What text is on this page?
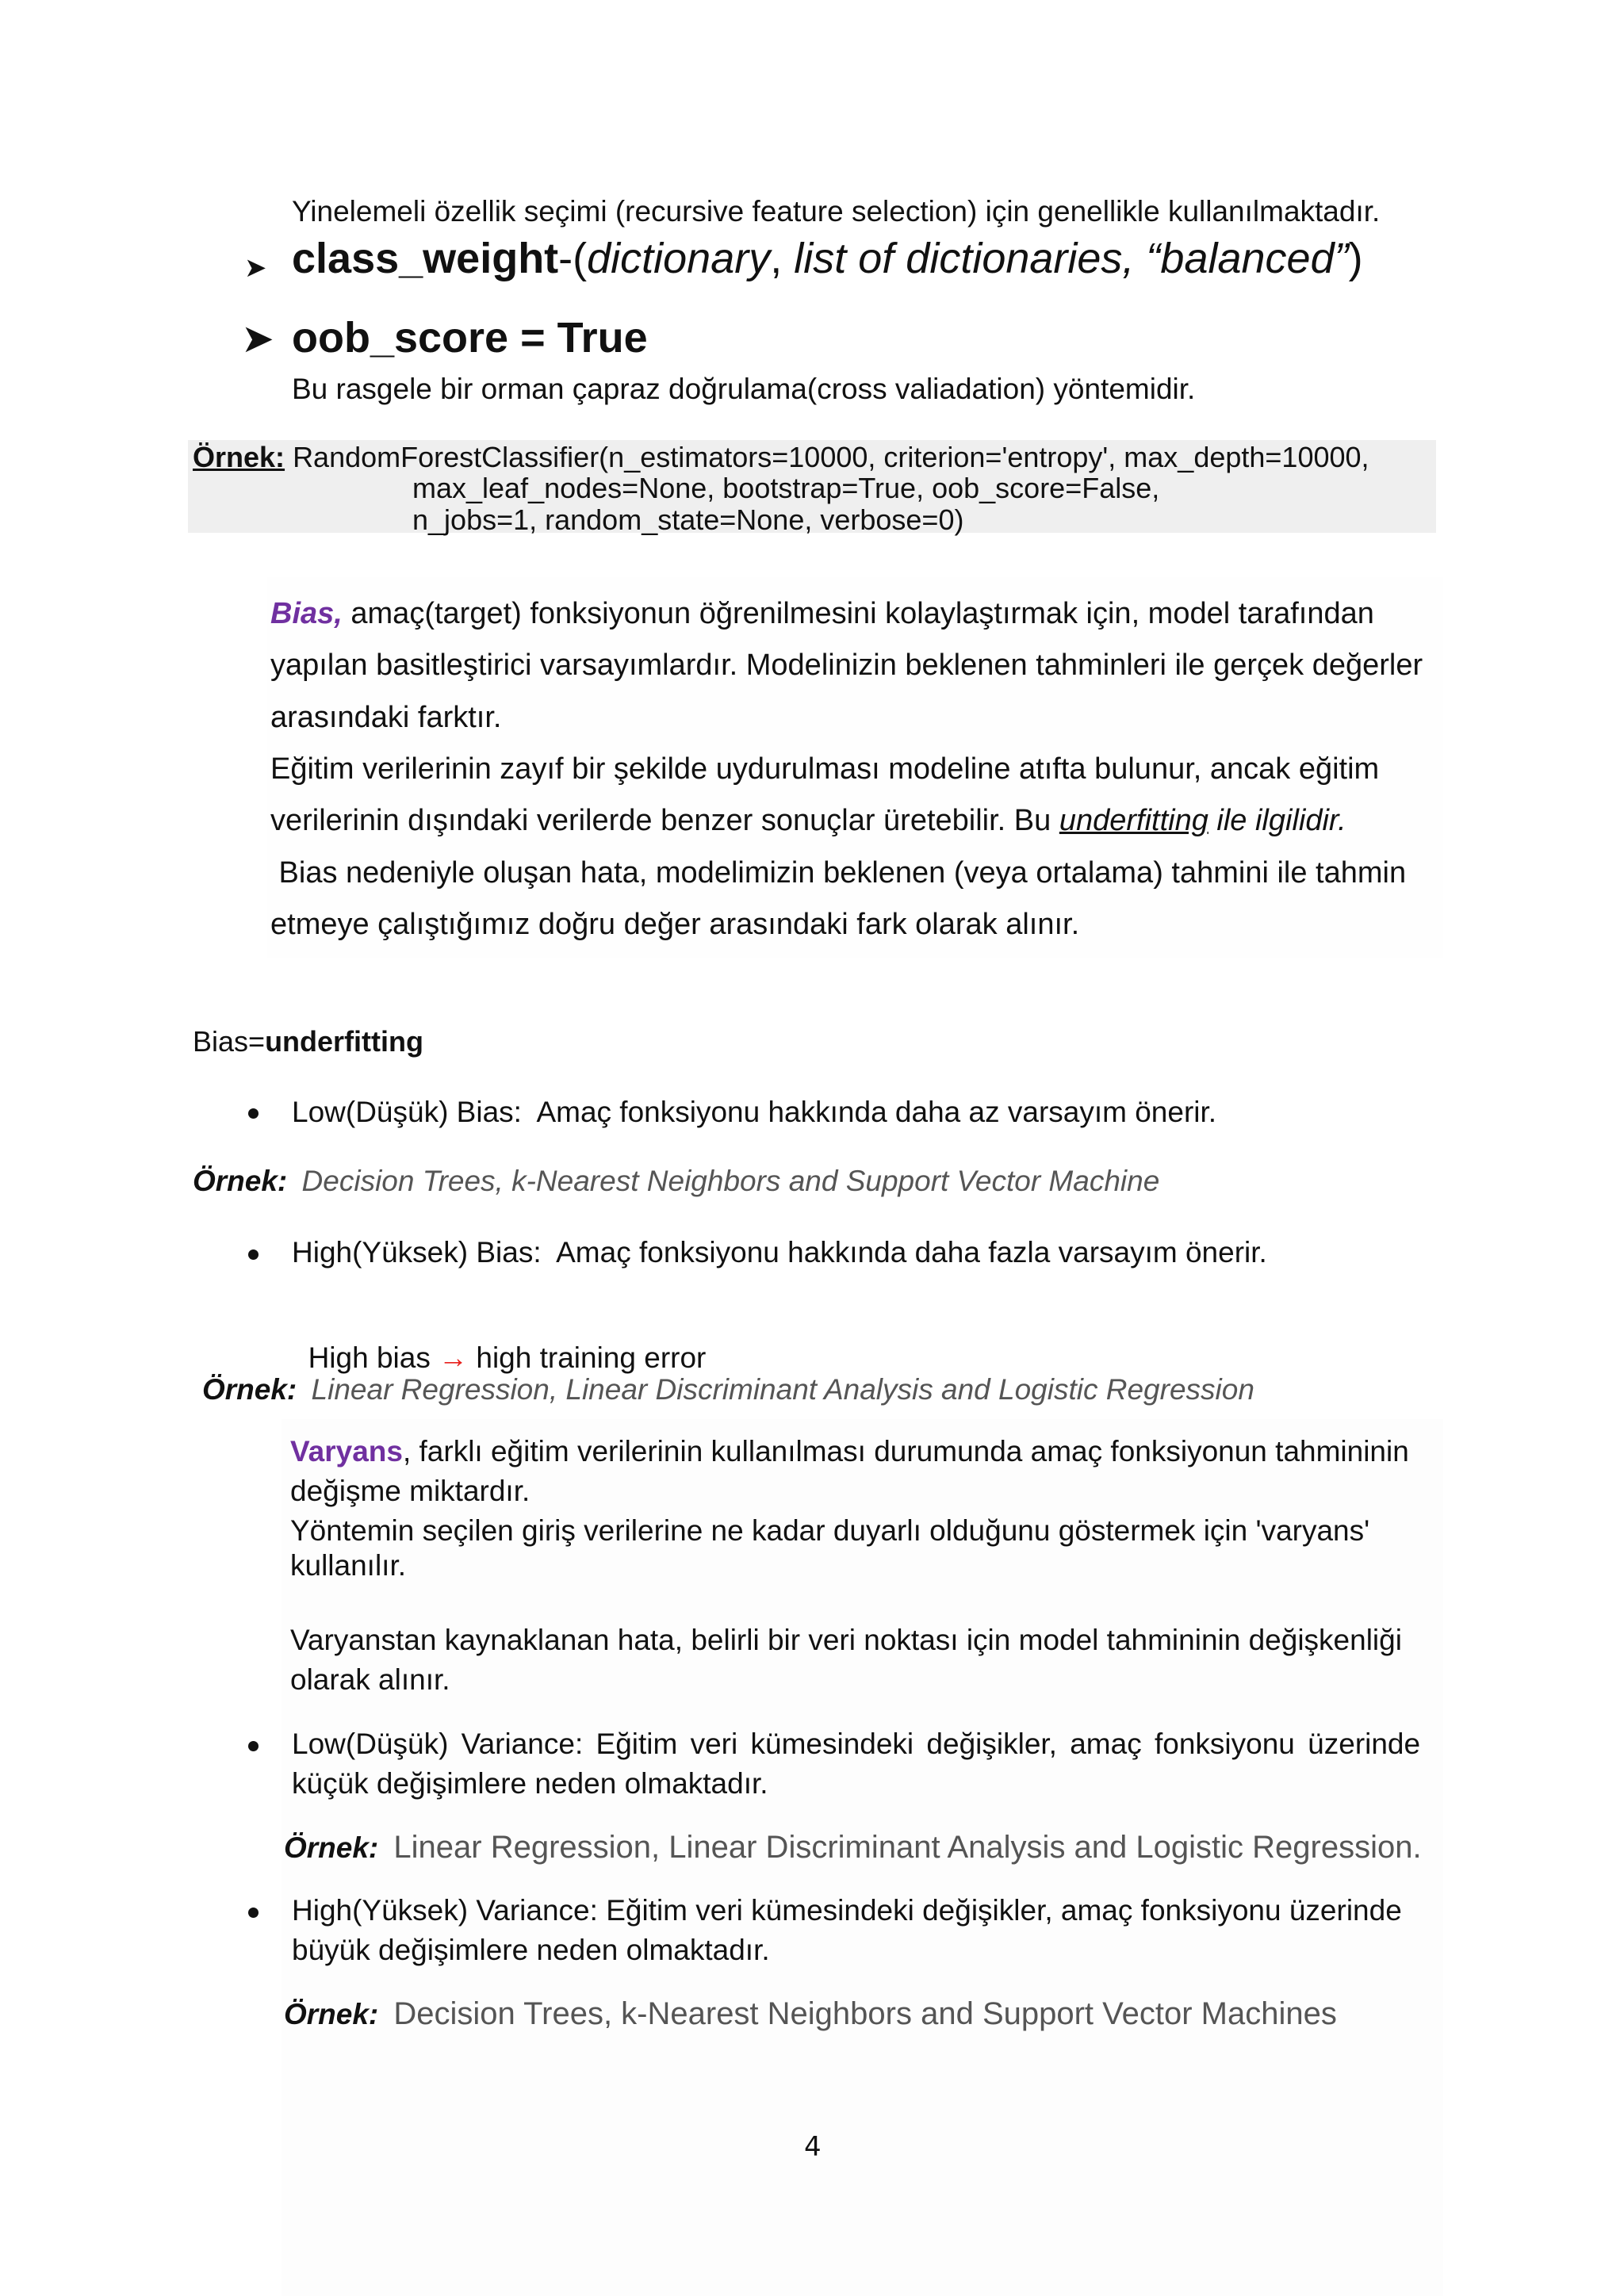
Yinelemeli özellik seçimi (recursive feature selection) için genellikle kullanılmaktadır.
➤ class_weight-(dictionary, list of dictionaries, “balanced”)
➤ oob_score = True
Bu rasgele bir orman çapraz doğrulama(cross valiadation) yöntemidir.
Örnek: RandomForestClassifier(n_estimators=10000, criterion='entropy', max_depth=10000,
max_leaf_nodes=None, bootstrap=True, oob_score=False,
n_jobs=1, random_state=None, verbose=0)
Bias, amaç(target) fonksiyonun öğrenilmesini kolaylaştırmak için, model tarafından
yapılan basitleştirici varsayımlardır. Modelinizin beklenen tahminleri ile gerçek değerler
arasındaki farktır.
Eğitim verilerinin zayıf bir şekilde uydurulması modeline atıfta bulunur, ancak eğitim
verilerinin dışındaki verilerde benzer sonuçlar üretebilir. Bu underfitting ile ilgilidir.
Bias nedeniyle oluşan hata, modelimizin beklenen (veya ortalama) tahmini ile tahmin
etmeye çalıştığımız doğru değer arasındaki fark olarak alınır.
Bias=underfitting
Low(Düşük) Bias:  Amaç fonksiyonu hakkında daha az varsayım önerir.
Örnek: Decision Trees, k-Nearest Neighbors and Support Vector Machine
High(Yüksek) Bias:  Amaç fonksiyonu hakkında daha fazla varsayım önerir.

High bias → high training error

Örnek: Linear Regression, Linear Discriminant Analysis and Logistic Regression
Varyans, farklı eğitim verilerinin kullanılması durumunda amaç fonksiyonun tahmininin
değişme miktardır.
Yöntemin seçilen giriş verilerine ne kadar duyarlı olduğunu göstermek için 'varyans'
kullanılır.
Varyanstan kaynaklanan hata, belirli bir veri noktası için model tahmininin değişkenliği
olarak alınır.
Low(Düşük) Variance: Eğitim veri kümesindeki değişikler, amaç fonksiyonu üzerinde
küçük değişimlere neden olmaktadır.
Örnek: Linear Regression, Linear Discriminant Analysis and Logistic Regression.
High(Yüksek) Variance: Eğitim veri kümesindeki değişikler, amaç fonksiyonu üzerinde
büyük değişimlere neden olmaktadır.
Örnek: Decision Trees, k-Nearest Neighbors and Support Vector Machines
4
